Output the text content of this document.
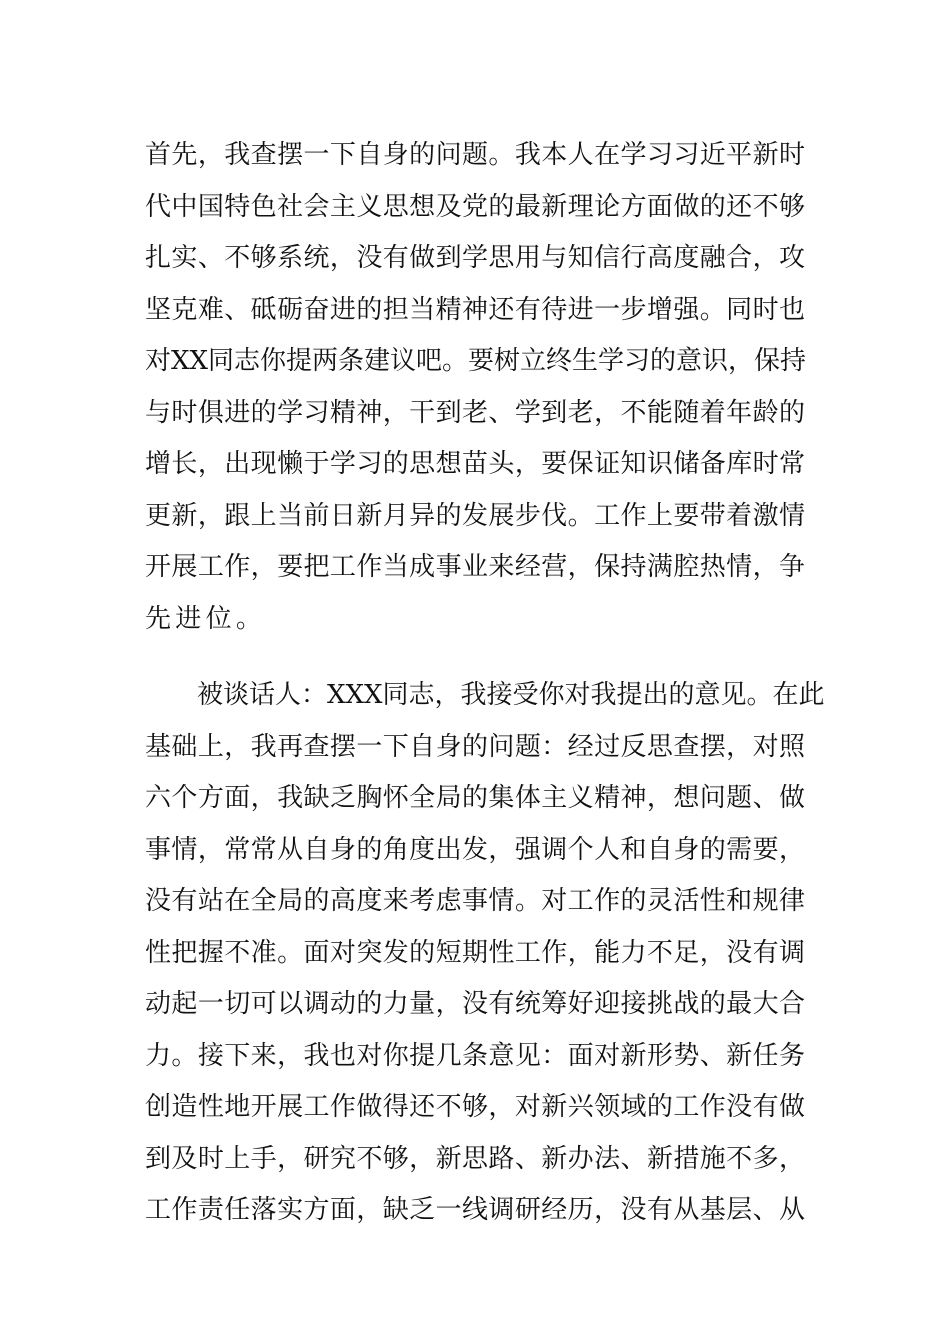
首先，我查摆一下自身的问题。我本人在学习习近平新时
代中国特色社会主义思想及党的最新理论方面做的还不够
扎实、不够系统，没有做到学思用与知信行高度融合，攻
坚克难、砥砺奋进的担当精神还有待进一步增强。同时也
对XX同志你提两条建议吧。要树立终生学习的意识，保持
与时俱进的学习精神，干到老、学到老，不能随着年龄的
增长，出现懒于学习的思想苗头，要保证知识储备库时常
更新，跟上当前日新月异的发展步伐。工作上要带着激情
开展工作，要把工作当成事业来经营，保持满腔热情，争
先进位。
被谈话人：XXX同志，我接受你对我提出的意见。在此
基础上，我再查摆一下自身的问题：经过反思查摆，对照
六个方面，我缺乏胸怀全局的集体主义精神，想问题、做
事情，常常从自身的角度出发，强调个人和自身的需要，
没有站在全局的高度来考虑事情。对工作的灵活性和规律
性把握不准。面对突发的短期性工作，能力不足，没有调
动起一切可以调动的力量，没有统筹好迎接挑战的最大合
力。接下来，我也对你提几条意见：面对新形势、新任务
创造性地开展工作做得还不够，对新兴领域的工作没有做
到及时上手，研究不够，新思路、新办法、新措施不多，
工作责任落实方面，缺乏一线调研经历，没有从基层、从
